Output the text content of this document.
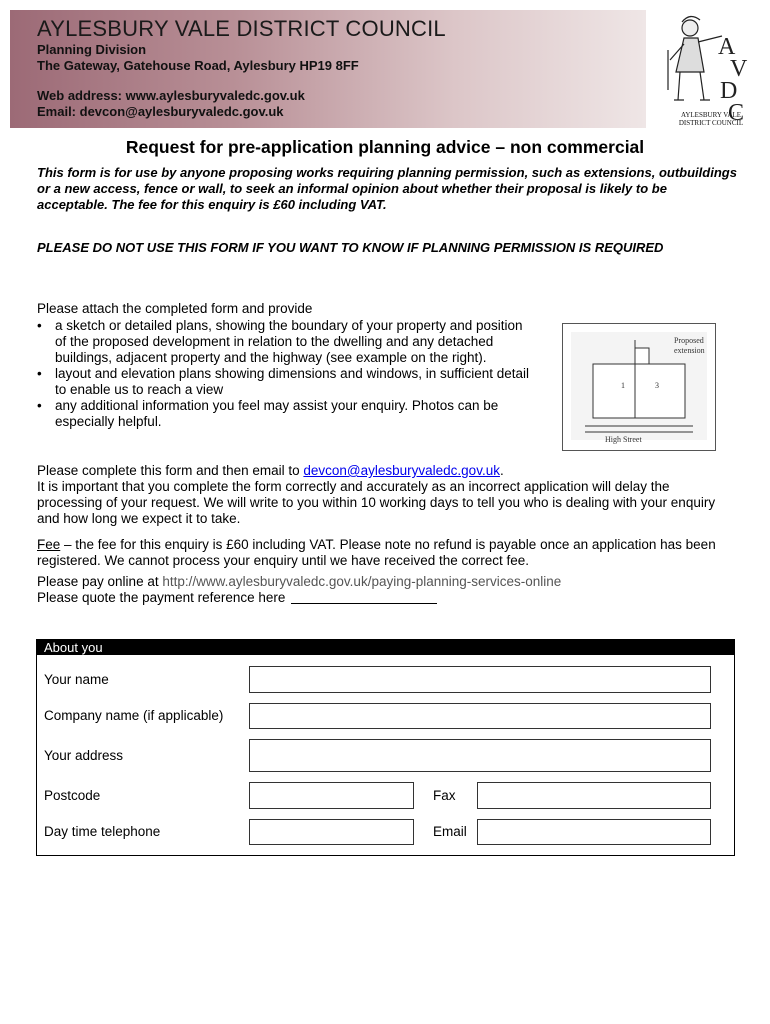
AYLESBURY VALE DISTRICT COUNCIL
Planning Division
The Gateway, Gatehouse Road, Aylesbury HP19 8FF
Web address: www.aylesburyvaledc.gov.uk
Email: devcon@aylesburyvaledc.gov.uk
A
V
D
C
AYLESBURY VALE
DISTRICT COUNCIL
Request for pre-application planning advice – non commercial

This form is for use by anyone proposing works requiring planning permission, such as extensions, outbuildings or a new access, fence or wall, to seek an informal opinion about whether their proposal is likely to be acceptable. The fee for this enquiry is £60 including VAT.

PLEASE DO NOT USE THIS FORM IF YOU WANT TO KNOW IF PLANNING PERMISSION IS REQUIRED

Please attach the completed form and provide

• a sketch or detailed plans, showing the boundary of your property and position of the proposed development in relation to the dwelling and any detached buildings, adjacent property and the highway (see example on the right).
• layout and elevation plans showing dimensions and windows, in sufficient detail to enable us to reach a view
• any additional information you feel may assist your enquiry. Photos can be especially helpful.
Proposed
extension
1	3
High Street

Please complete this form and then email to devcon@aylesburyvaledc.gov.uk.
It is important that you complete the form correctly and accurately as an incorrect application will delay the processing of your request. We will write to you within 10 working days to tell you who is dealing with your enquiry and how long we expect it to take.

Fee – the fee for this enquiry is £60 including VAT. Please note no refund is payable once an application has been registered. We cannot process your enquiry until we have received the correct fee.

Please pay online at http://www.aylesburyvaledc.gov.uk/paying-planning-services-online
Please quote the payment reference here

About you
Your name
Company name (if applicable)
Your address
Postcode	Fax
Day time telephone	Email
